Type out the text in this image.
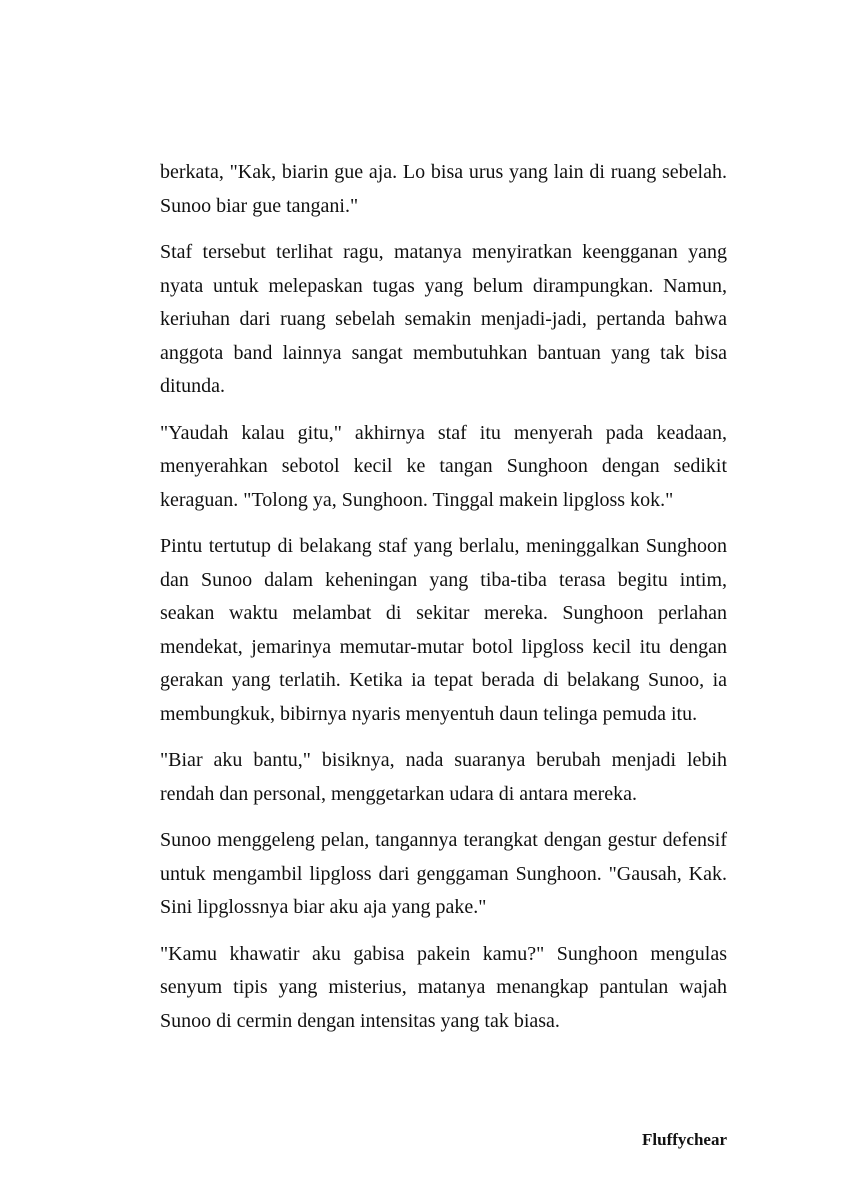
berkata, "Kak, biarin gue aja. Lo bisa urus yang lain di ruang sebelah. Sunoo biar gue tangani."

Staf tersebut terlihat ragu, matanya menyiratkan keengganan yang nyata untuk melepaskan tugas yang belum dirampungkan. Namun, keriuhan dari ruang sebelah semakin menjadi-jadi, pertanda bahwa anggota band lainnya sangat membutuhkan bantuan yang tak bisa ditunda.

"Yaudah kalau gitu," akhirnya staf itu menyerah pada keadaan, menyerahkan sebotol kecil ke tangan Sunghoon dengan sedikit keraguan. "Tolong ya, Sunghoon. Tinggal makein lipgloss kok."

Pintu tertutup di belakang staf yang berlalu, meninggalkan Sunghoon dan Sunoo dalam keheningan yang tiba-tiba terasa begitu intim, seakan waktu melambat di sekitar mereka. Sunghoon perlahan mendekat, jemarinya memutar-mutar botol lipgloss kecil itu dengan gerakan yang terlatih. Ketika ia tepat berada di belakang Sunoo, ia membungkuk, bibirnya nyaris menyentuh daun telinga pemuda itu.

"Biar aku bantu," bisiknya, nada suaranya berubah menjadi lebih rendah dan personal, menggetarkan udara di antara mereka.

Sunoo menggeleng pelan, tangannya terangkat dengan gestur defensif untuk mengambil lipgloss dari genggaman Sunghoon. "Gausah, Kak. Sini lipglossnya biar aku aja yang pake."

"Kamu khawatir aku gabisa pakein kamu?" Sunghoon mengulas senyum tipis yang misterius, matanya menangkap pantulan wajah Sunoo di cermin dengan intensitas yang tak biasa.

Fluffychear
